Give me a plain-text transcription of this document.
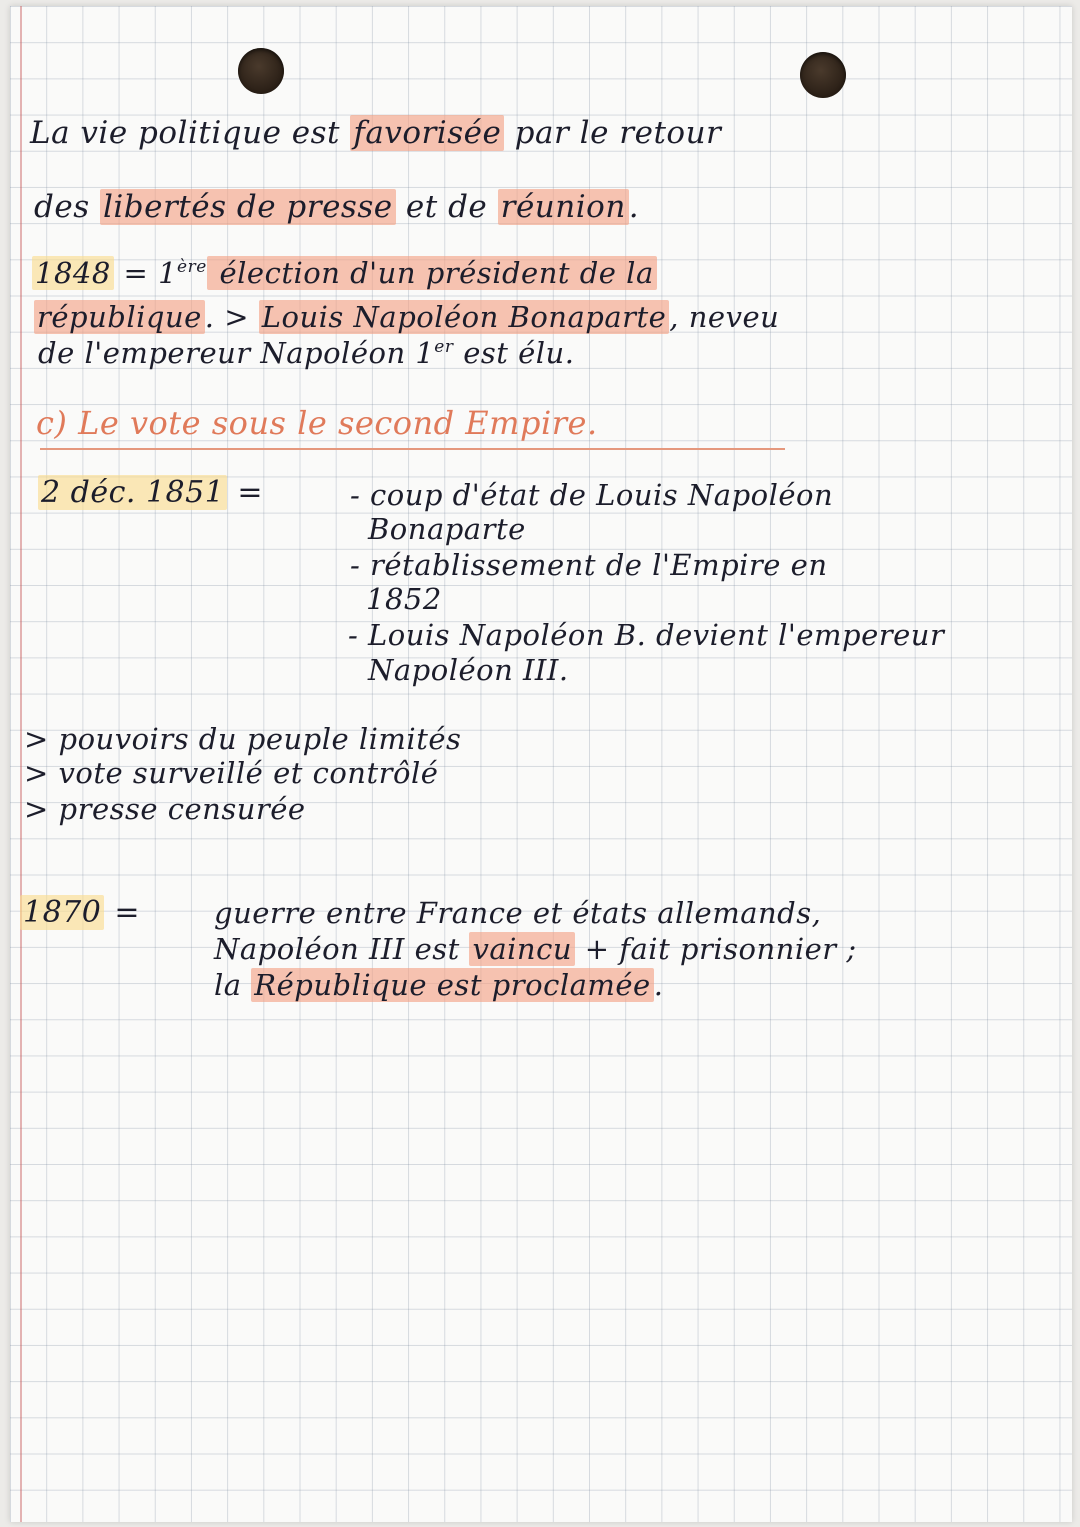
La vie politique est favorisée par le retour
des libertés de presse et de réunion.
1848 = 1ère élection d'un président de la
république . > Louis Napoléon Bonaparte , neveu
de l'empereur Napoléon 1er est élu.
c) Le vote sous le second Empire.
2 déc. 1851 =	- coup d'état de Louis Napoléon
Bonaparte
- rétablissement de l'Empire en
1852
- Louis Napoléon B. devient l'empereur
Napoléon III.
> pouvoirs du peuple limités
> vote surveillé et contrôlé
> presse censurée
1870 =	guerre entre France et états allemands,
Napoléon III est vaincu + fait prisonnier ;
la République est proclamée .
